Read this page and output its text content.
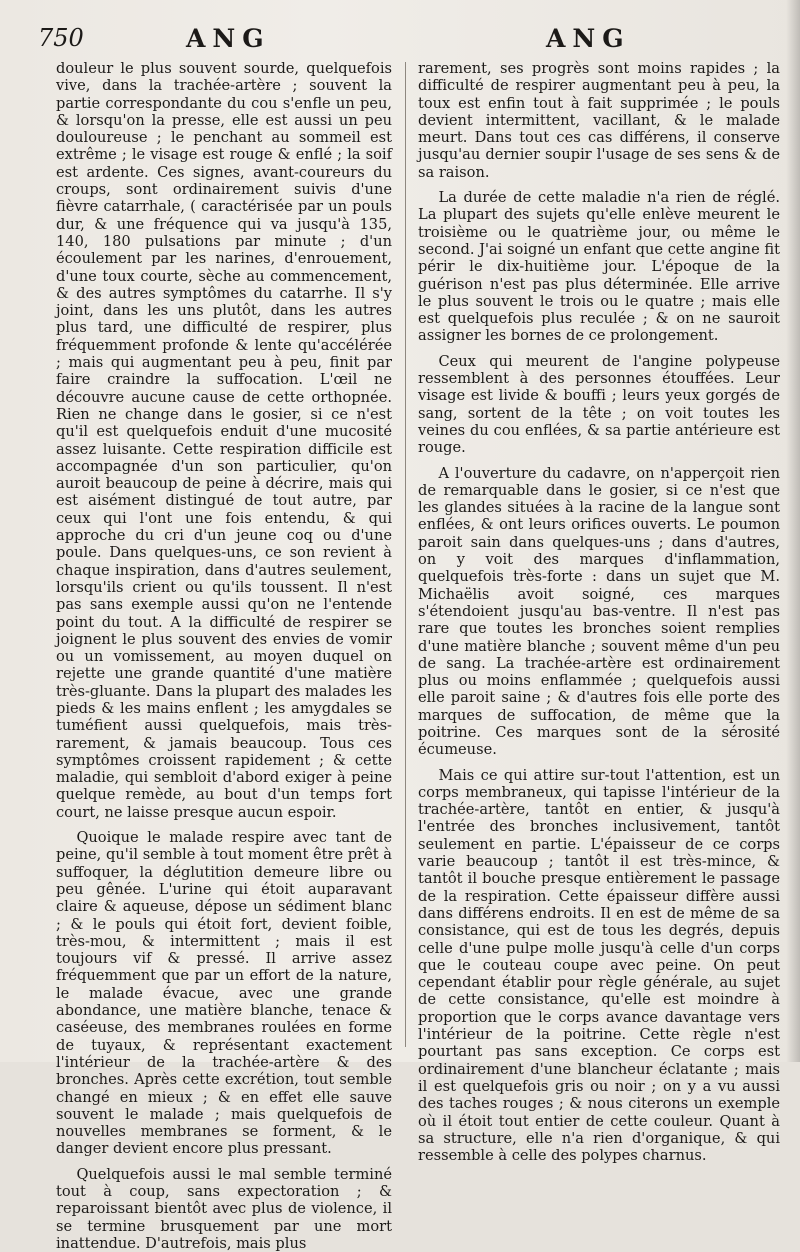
750	ANG	ANG

douleur le plus souvent sourde, quelquefois vive, dans la trachée-artère ; souvent la partie correspondante du cou s'enfle un peu, & lorsqu'on la presse, elle est aussi un peu douloureuse ; le penchant au sommeil est extrême ; le visage est rouge & enflé ; la soif est ardente. Ces signes, avant-coureurs du croups, sont ordinairement suivis d'une fièvre catarrhale, ( caractérisée par un pouls dur, & une fréquence qui va jusqu'à 135, 140, 180 pulsations par minute ; d'un écoulement par les narines, d'enrouement, d'une toux courte, sèche au commencement, & des autres symptômes du catarrhe. Il s'y joint, dans les uns plutôt, dans les autres plus tard, une difficulté de respirer, plus fréquemment profonde & lente qu'accélérée ; mais qui augmentant peu à peu, finit par faire craindre la suffocation. L'œil ne découvre aucune cause de cette orthopnée. Rien ne change dans le gosier, si ce n'est qu'il est quelquefois enduit d'une mucosité assez luisante. Cette respiration difficile est accompagnée d'un son particulier, qu'on auroit beaucoup de peine à décrire, mais qui est aisément distingué de tout autre, par ceux qui l'ont une fois entendu, & qui approche du cri d'un jeune coq ou d'une poule. Dans quelques-uns, ce son revient à chaque inspiration, dans d'autres seulement, lorsqu'ils crient ou qu'ils toussent. Il n'est pas sans exemple aussi qu'on ne l'entende point du tout. A la difficulté de respirer se joignent le plus souvent des envies de vomir ou un vomissement, au moyen duquel on rejette une grande quantité d'une matière très-gluante. Dans la plupart des malades les pieds & les mains enflent ; les amygdales se tuméfient aussi quelquefois, mais très-rarement, & jamais beaucoup. Tous ces symptômes croissent rapidement ; & cette maladie, qui sembloit d'abord exiger à peine quelque remède, au bout d'un temps fort court, ne laisse presque aucun espoir.

Quoique le malade respire avec tant de peine, qu'il semble à tout moment être prêt à suffoquer, la déglutition demeure libre ou peu gênée. L'urine qui étoit auparavant claire & aqueuse, dépose un sédiment blanc ; & le pouls qui étoit fort, devient foible, très-mou, & intermittent ; mais il est toujours vif & pressé. Il arrive assez fréquemment que par un effort de la nature, le malade évacue, avec une grande abondance, une matière blanche, tenace & caséeuse, des membranes roulées en forme de tuyaux, & représentant exactement l'intérieur de la trachée-artère & des bronches. Après cette excrétion, tout semble changé en mieux ; & en effet elle sauve souvent le malade ; mais quelquefois de nouvelles membranes se forment, & le danger devient encore plus pressant.

Quelquefois aussi le mal semble terminé tout à coup, sans expectoration ; & reparoissant bientôt avec plus de violence, il se termine brusquement par une mort inattendue. D'autrefois, mais plus

rarement, ses progrès sont moins rapides ; la difficulté de respirer augmentant peu à peu, la toux est enfin tout à fait supprimée ; le pouls devient intermittent, vacillant, & le malade meurt. Dans tout ces cas différens, il conserve jusqu'au dernier soupir l'usage de ses sens & de sa raison.

La durée de cette maladie n'a rien de réglé. La plupart des sujets qu'elle enlève meurent le troisième ou le quatrième jour, ou même le second. J'ai soigné un enfant que cette angine fit périr le dix-huitième jour. L'époque de la guérison n'est pas plus déterminée. Elle arrive le plus souvent le trois ou le quatre ; mais elle est quelquefois plus reculée ; & on ne sauroit assigner les bornes de ce prolongement.

Ceux qui meurent de l'angine polypeuse ressemblent à des personnes étouffées. Leur visage est livide & bouffi ; leurs yeux gorgés de sang, sortent de la tête ; on voit toutes les veines du cou enflées, & sa partie antérieure est rouge.

A l'ouverture du cadavre, on n'apperçoit rien de remarquable dans le gosier, si ce n'est que les glandes situées à la racine de la langue sont enflées, & ont leurs orifices ouverts. Le poumon paroit sain dans quelques-uns ; dans d'autres, on y voit des marques d'inflammation, quelquefois très-forte : dans un sujet que M. Michaëlis avoit soigné, ces marques s'étendoient jusqu'au bas-ventre. Il n'est pas rare que toutes les bronches soient remplies d'une matière blanche ; souvent même d'un peu de sang. La trachée-artère est ordinairement plus ou moins enflammée ; quelquefois aussi elle paroit saine ; & d'autres fois elle porte des marques de suffocation, de même que la poitrine. Ces marques sont de la sérosité écumeuse.

Mais ce qui attire sur-tout l'attention, est un corps membraneux, qui tapisse l'intérieur de la trachée-artère, tantôt en entier, & jusqu'à l'entrée des bronches inclusivement, tantôt seulement en partie. L'épaisseur de ce corps varie beaucoup ; tantôt il est très-mince, & tantôt il bouche presque entièrement le passage de la respiration. Cette épaisseur diffère aussi dans différens endroits. Il en est de même de sa consistance, qui est de tous les degrés, depuis celle d'une pulpe molle jusqu'à celle d'un corps que le couteau coupe avec peine. On peut cependant établir pour règle générale, au sujet de cette consistance, qu'elle est moindre à proportion que le corps avance davantage vers l'intérieur de la poitrine. Cette règle n'est pourtant pas sans exception. Ce corps est ordinairement d'une blancheur éclatante ; mais il est quelquefois gris ou noir ; on y a vu aussi des taches rouges ; & nous citerons un exemple où il étoit tout entier de cette couleur. Quant à sa structure, elle n'a rien d'organique, & qui ressemble à celle des polypes charnus.
